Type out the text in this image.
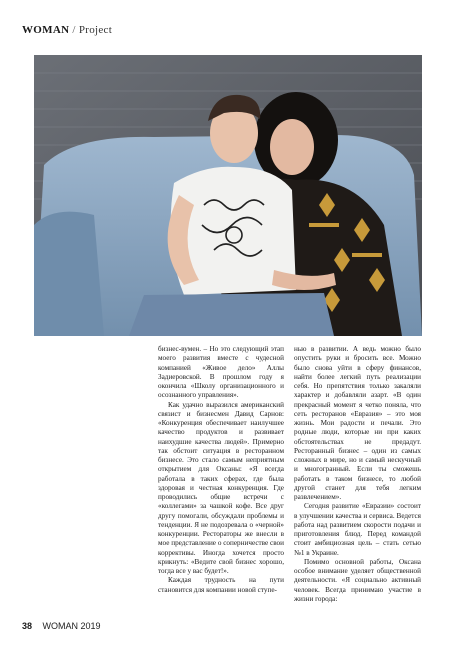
WOMAN / Project

бизнес-вумен. – Но это следующий этап моего развития вместе с чудесной компанией «Живое дело» Аллы Задиеровской. В прошлом году я окончила «Школу организационного и осознанного управления».

Как удачно выразился американский связист и бизнесмен Давид Сарнов: «Конкуренция обеспечивает наилучшее качество продуктов и развивает наихудшие качества людей». Примерно так обстоит ситуация в ресторанном бизнесе. Это стало самым неприятным открытием для Оксаны: «Я всегда работала в таких сферах, где была здоровая и честная конкуренция. Где проводились общие встречи с «коллегами» за чашкой кофе. Все друг другу помогали, обсуждали проблемы и тенденции. Я не подозревала о «черной» конкуренции. Рестораторы же внесли в мое представление о соперничестве свои коррективы. Иногда хочется просто крикнуть: «Ведите свой бизнес хорошо, тогда все у вас будет!».

Каждая трудность на пути становится для компании новой ступе-

нью в развитии. А ведь можно было опустить руки и бросить все. Можно было снова уйти в сферу финансов, найти более легкий путь реализации себя. Но препятствия только закаляли характер и добавляли азарт. «В один прекрасный момент я четко поняла, что сеть ресторанов «Евразия» – это моя жизнь. Мои радости и печали. Это родные люди, которые ни при каких обстоятельствах не предадут. Ресторанный бизнес – один из самых сложных в мире, но и самый нескучный и многогранный. Если ты сможешь работать в таком бизнесе, то любой другой станет для тебя легким развлечением».

Сегодня развитие «Евразии» состоит в улучшении качества и сервиса. Ведется работа над развитием скорости подачи и приготовления блюд. Перед командой стоит амбициозная цель – стать сетью №1 в Украине.

Помимо основной работы, Оксана особое внимание уделяет общественной деятельности. «Я социально активный человек. Всегда принимаю участие в жизни города:

38 WOMAN 2019
